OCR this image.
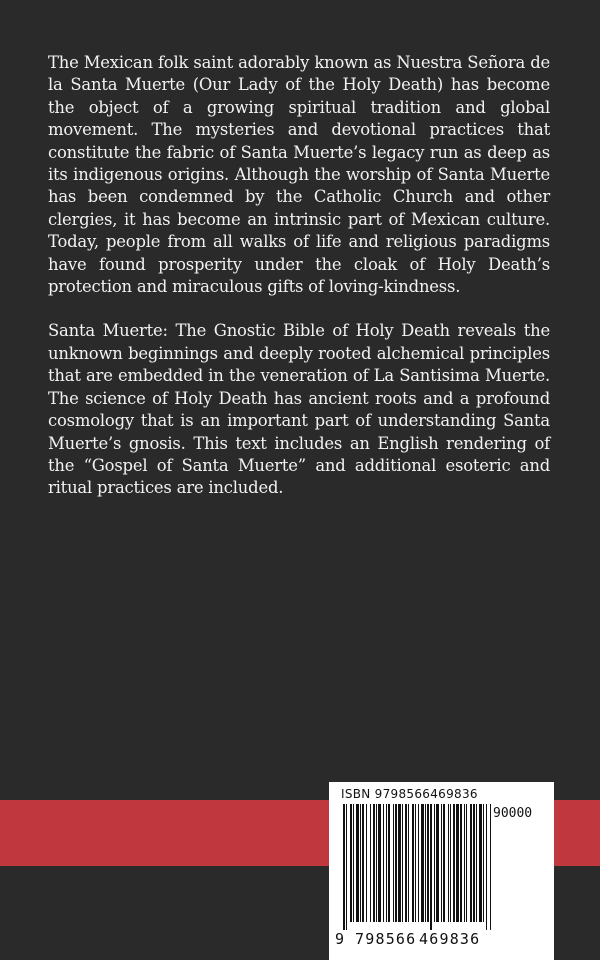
The Mexican folk saint adorably known as Nuestra Señora de la Santa Muerte (Our Lady of the Holy Death) has become the object of a growing spiritual tradition and global movement. The mysteries and devotional practices that constitute the fabric of Santa Muerte’s legacy run as deep as its indigenous origins. Although the worship of Santa Muerte has been condemned by the Catholic Church and other clergies, it has become an intrinsic part of Mexican culture. Today, people from all walks of life and religious paradigms have found prosperity under the cloak of Holy Death’s protection and miraculous gifts of loving-kindness.

Santa Muerte: The Gnostic Bible of Holy Death reveals the unknown beginnings and deeply rooted alchemical principles that are embedded in the veneration of La Santisima Muerte. The science of Holy Death has ancient roots and a profound cosmology that is an important part of understanding Santa Muerte’s gnosis. This text includes an English rendering of the “Gospel of Santa Muerte” and additional esoteric and ritual practices are included.

ISBN 9798566469836
90000
9 798566 469836
